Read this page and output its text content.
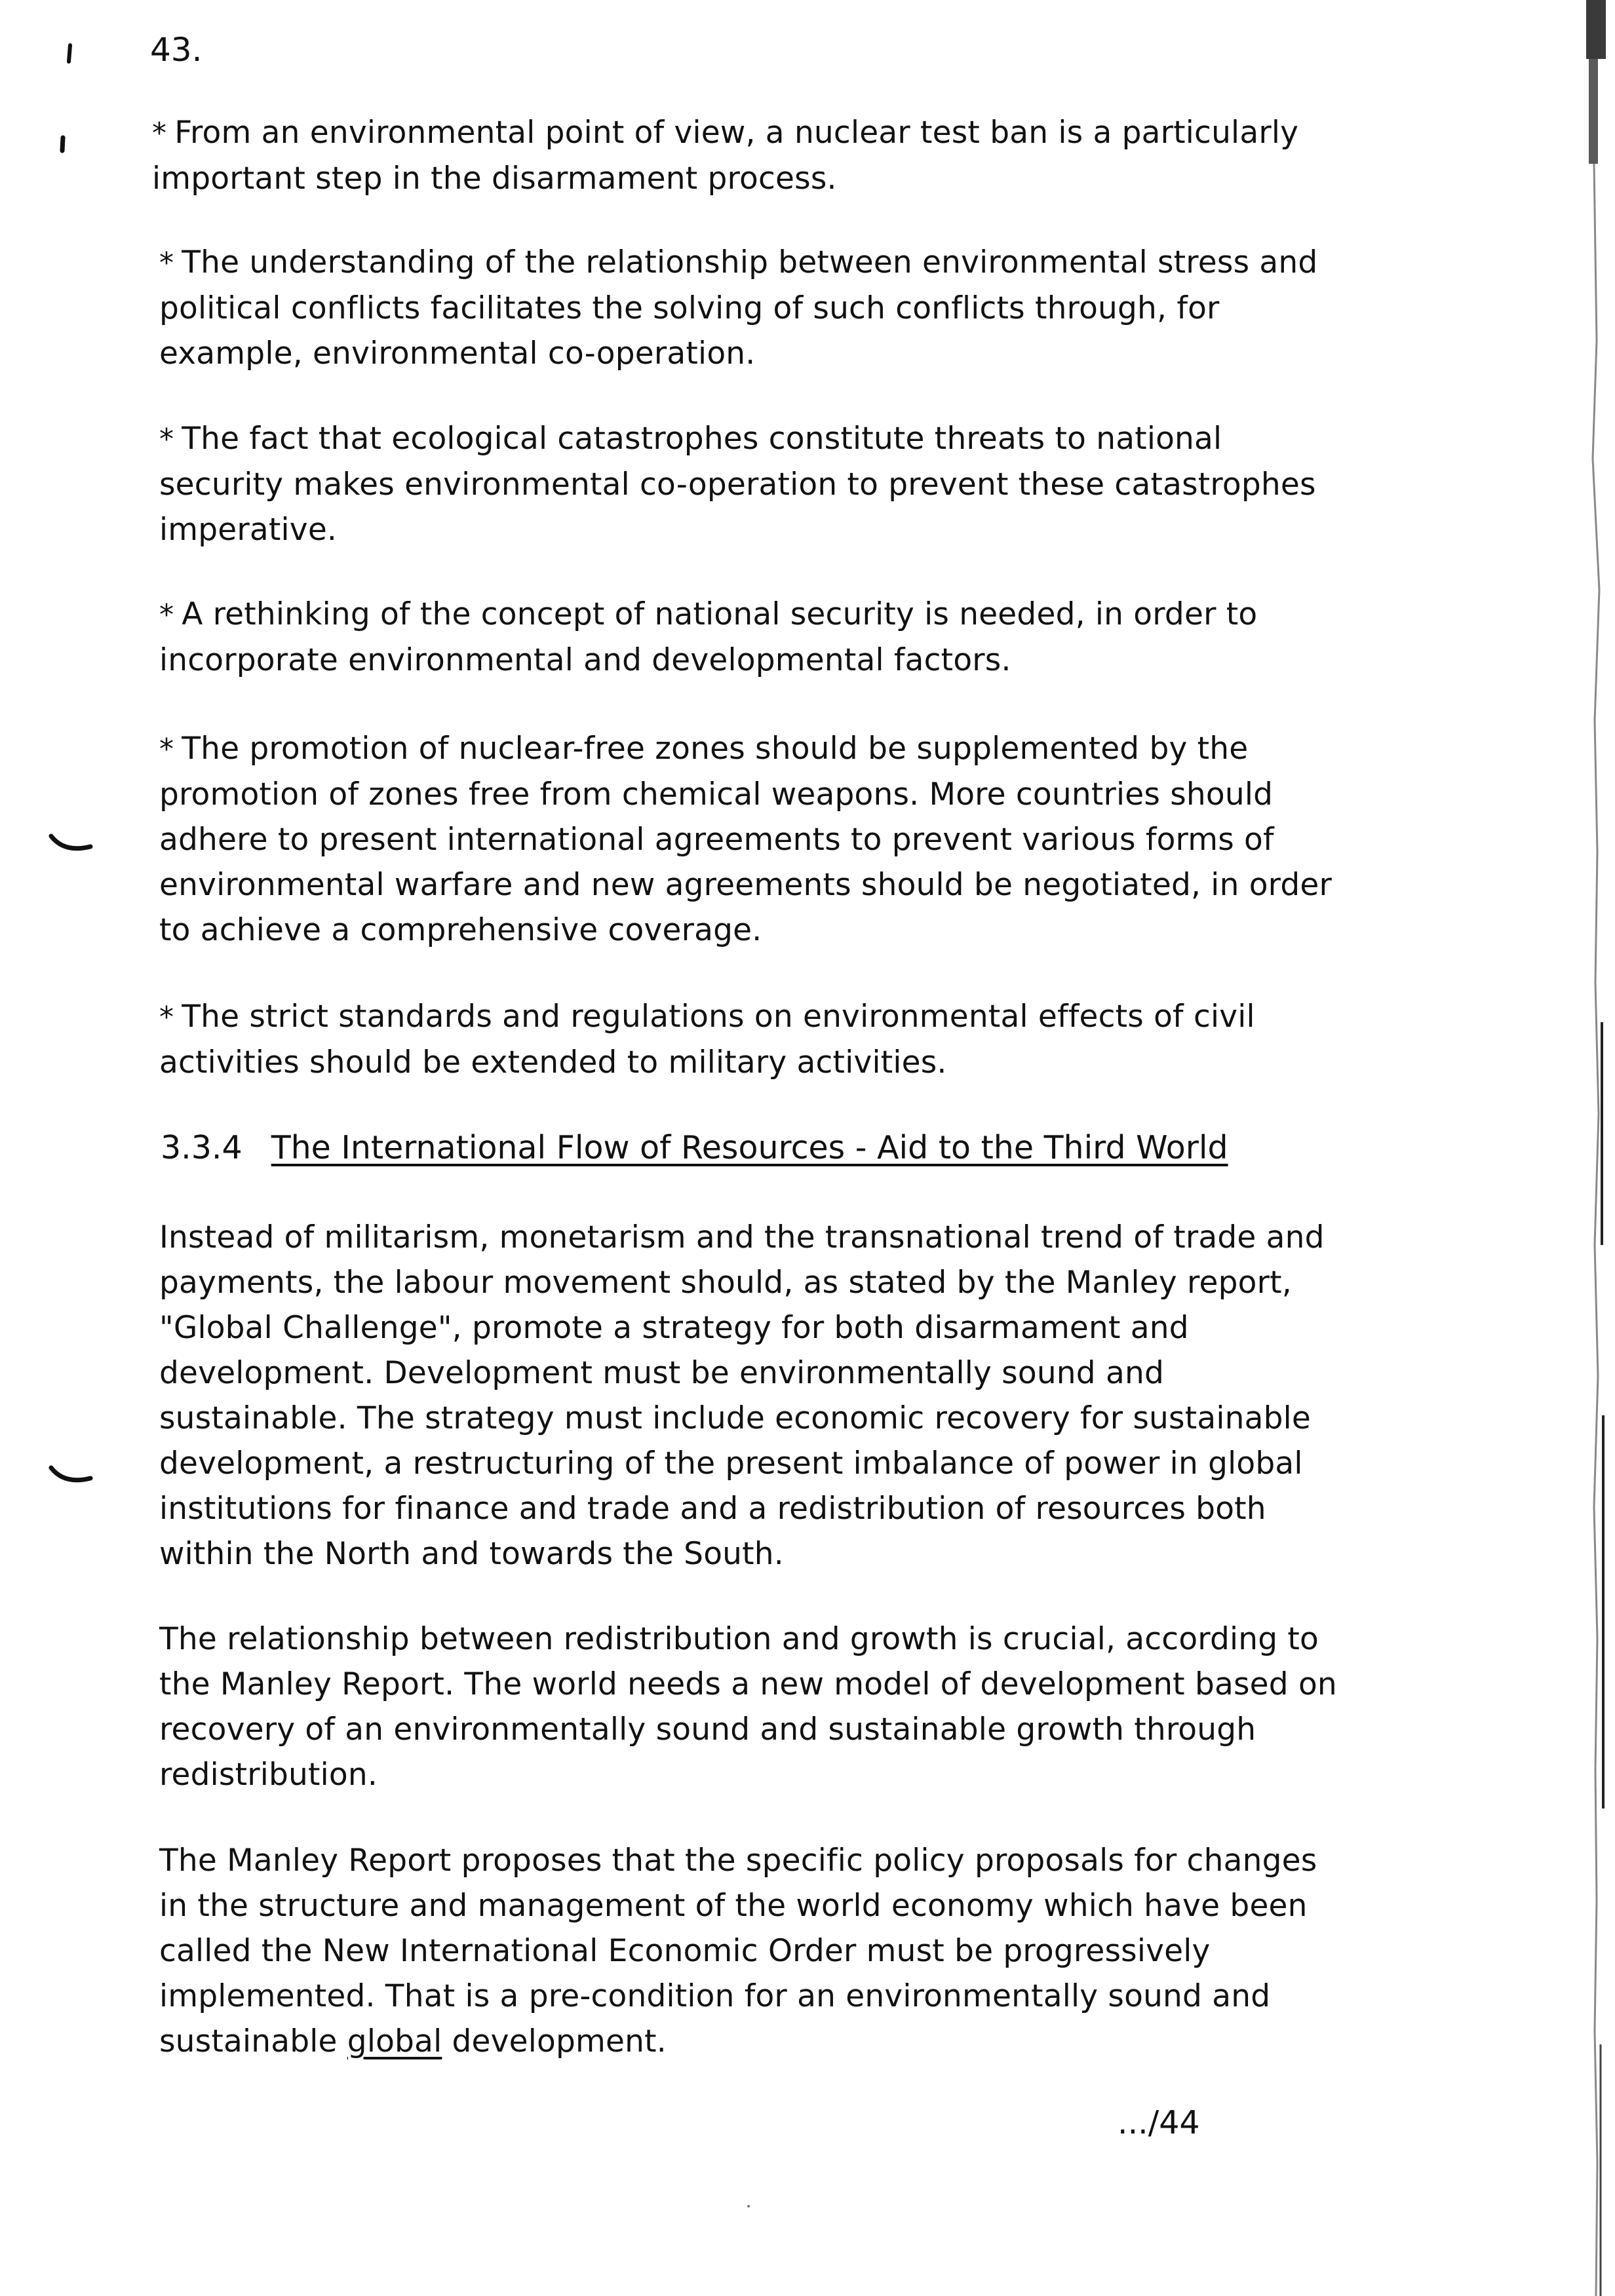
43.

* From an environmental point of view, a nuclear test ban is a particularly important step in the disarmament process.

* The understanding of the relationship between environmental stress and political conflicts facilitates the solving of such conflicts through, for example, environmental co-operation.

* The fact that ecological catastrophes constitute threats to national security makes environmental co-operation to prevent these catastrophes imperative.

* A rethinking of the concept of national security is needed, in order to incorporate environmental and developmental factors.

* The promotion of nuclear-free zones should be supplemented by the promotion of zones free from chemical weapons. More countries should adhere to present international agreements to prevent various forms of environmental warfare and new agreements should be negotiated, in order to achieve a comprehensive coverage.

* The strict standards and regulations on environmental effects of civil activities should be extended to military activities.

3.3.4 The International Flow of Resources - Aid to the Third World

Instead of militarism, monetarism and the transnational trend of trade and payments, the labour movement should, as stated by the Manley report, "Global Challenge", promote a strategy for both disarmament and development. Development must be environmentally sound and sustainable. The strategy must include economic recovery for sustainable development, a restructuring of the present imbalance of power in global institutions for finance and trade and a redistribution of resources both within the North and towards the South.

The relationship between redistribution and growth is crucial, according to the Manley Report. The world needs a new model of development based on recovery of an environmentally sound and sustainable growth through redistribution.

The Manley Report proposes that the specific policy proposals for changes in the structure and management of the world economy which have been called the New International Economic Order must be progressively implemented. That is a pre-condition for an environmentally sound and sustainable global development.

.../44
